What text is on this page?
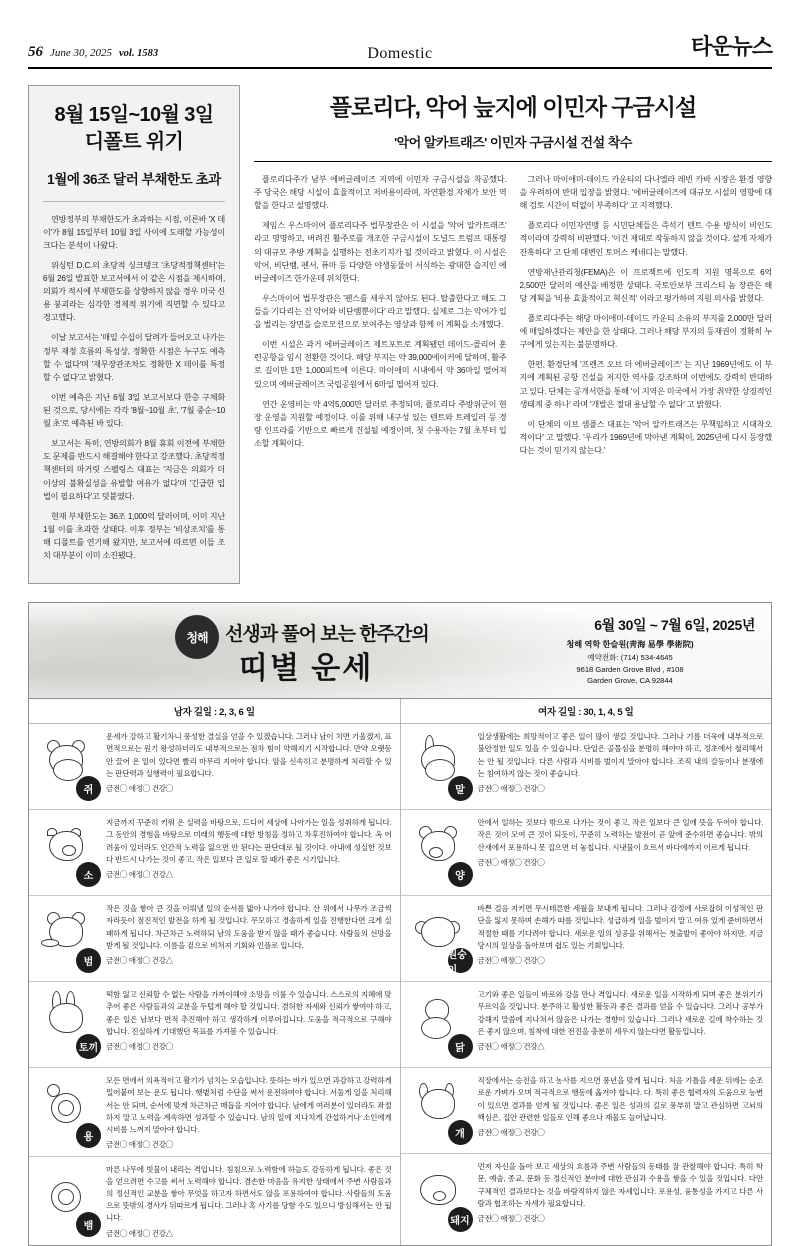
56 June 30, 2025 vol. 1583	Domestic	타운뉴스
8월 15일~10월 3일
디폴트 위기
1월에 36조 달러 부채한도 초과

연방정부의 부채한도가 초과하는 시점, 이른바 'X 데이'가 8월 15일부터 10월 3일 사이에 도래할 가능성이 크다는 분석이 나왔다.

위싱턴 D.C.의 초당적 싱크탱크 '초당적정책센터'는 6월 26일 발표한 보고서에서 이 같은 시점을 제시하며, 의회가 적시에 부채한도를 상향하지 않을 경우 미국 신용 붕괴라는 심각한 경제적 위기에 직면할 수 있다고 경고했다.

이날 보고서는 '매일 수십이 달려가 들어오고 나가는 정부 재정 흐름의 특성상, 정확한 시점은 누구도 예측할 수 없다'며 '재무장관조차도 정확한 X 데이를 특정할 수 없다'고 밝혔다.

이번 예측은 지난 6월 3일 보고서보다 한층 구체화된 것으로, 당시에는 각각 '8월~10월 초', '7월 중순~10월 초'로 예측된 바 있다.

보고서는 특히, 연방의회가 8월 휴회 이전에 부채한도 문제를 반드시 해결해야 한다고 강조했다. 초당적정책센터의 마거릿 스펠링스 대표는 '지금은 의회가 더 이상의 불확실성을 유발할 여유가 없다'며 '긴급한 입법이 필요하다'고 덧붙였다.

현재 부채한도는 36조 1,000억 달러이며, 이미 지난 1월 이를 초과한 상태다. 이후 정부는 '비상조치'를 통해 디폴트를 연기해 왔지만, 보고서에 따르면 이들 조치 대부분이 이미 소진됐다.

플로리다, 악어 늪지에 이민자 구금시설
'악어 알카트래즈' 이민자 구금시설 건설 착수

플로리다주가 남부 에버글레이즈 지역에 이민자 구금시설을 착공했다. 주 당국은 해당 시설이 효율적이고 저비용이라며, 자연환경 자체가 보안 역할을 한다고 설명했다.

제임스 우스마이어 플로리다주 법무장관은 이 시설을 '악어 알카트래즈' 라고 명명하고, 버려진 활주로를 개조한 구금시설이 도널드 트럼프 대통령의 대규모 추방 계획을 실행하는 전초기지가 될 것이라고 밝혔다. 이 시설은 악어, 비단뱀, 펜서, 퓨마 등 다양한 야생동물이 서식하는 광대한 습지인 에버글레이즈 한가운데 위치한다.

우스마이어 법무장관은 '펜스를 세우지 않아도 된다. 탈출한다고 해도 그들을 기다리는 건 악어와 비단뱀뿐이다' 라고 말했다. 실제로 그는 악어가 입을 벌리는 장면을 슬로모션으로 보여주는 영상과 함께 이 계획을 소개했다.

이번 시설은 과거 에버글레이즈 제트포트로 계획됐던 데이드-콜리어 훈련공항을 임시 전환한 것이다. 해당 부지는 약 39,000에이커에 달하며, 활주로 길이만 1만 1,000피트에 이른다. 마이애미 시내에서 약 36마일 떨어져 있으며 에버글레이즈 국립공원에서 6마일 떨어져 있다.

연간 운영비는 약 4억5,000만 달러로 추정되며, 플로리다 주방위군이 현장 운영을 지원할 예정이다. 이를 위해 내구성 있는 텐트와 트레일러 등 경량 인프라를 기반으로 빠르게 건설될 예정이며, 첫 수용자는 7월 초부터 입소할 계획이다.

그러나 마이애미-데이드 카운티의 다니엘라 레빈 카바 시장은 환경 영향을 우려하며 반대 입장을 밝혔다. '에버글레이즈에 대규모 시설의 영향에 대해 검토 시간이 턱없이 부족하다' 고 지적했다.

플로리다 이민자연맹 등 시민단체들은 즉석기 텐트 수용 방식이 비인도적이라며 강력히 비판했다. '이건 제대로 작동하지 않을 것이다. 설계 자체가 잔혹하다' 고 단체 대변인 토머스 케네디는 말했다.

연방재난관리청(FEMA)은 이 프로젝트에 인도적 지원 명목으로 6억2,500만 달러의 예산을 배정한 상태다. 국토안보부 크리스티 놈 장관은 해당 계획을 '비용 효율적이고 혁신적' 이라고 평가하며 지원 의사를 밝혔다.

플로리다주는 해당 마이애미-데이드 카운티 소유의 부지를 2,000만 달러에 매입하겠다는 제안을 한 상태다. 그러나 해당 부지의 등재권이 정확히 누구에게 있는지는 불분명하다.

한편, 환경단체 '프렌즈 오브 더 에버글레이즈' 는 지난 1969년에도 이 부지에 계획된 공항 건설을 저지한 역사를 강조하며 이번에도 강력히 반대하고 있다. 단체는 공개서한을 통해 '이 지역은 미국에서 가장 취약한 상징적인 생태계 중 하나' 라며 '개발은 절대 용납할 수 없다' 고 밝혔다.

이 단체의 이브 샘플스 대표는 '악어 알카트래즈는 무책임하고 시대착오적이다' 고 말했다. '우리가 1969년에 막아낸 계획이, 2025년에 다시 등장했다는 것이 믿기지 않는다.'

청해 선생과 풀어 보는 한주간의
띠별 운세
6월 30일 ~ 7월 6일, 2025년
청해 역학 한슬원(靑海 易學 學術院)
예약전화: (714) 534-4645
9618 Garden Grove Blvd , #108
Garden Grove, CA 92844
남자 길일 : 2, 3, 6 일	여자 길일 : 30, 1, 4, 5 일
쥐

운세가 강하고 활기차니 풍성한 결실을 얻을 수 있겠습니다. 그러나 남이 치면 기울겠지, 표면적으로는 원기 왕성하더라도 내부적으로는 점차 힘이 약해지기 시작합니다. 만약 오랫동안 끌어 온 일이 있다면 빨리 마무리 지어야 합니다. 앞을 신속히고 분명하게 처리할 수 있는 판단력과 실행력이 필요합니다.

금전◯ 애정◯ 건강◯
소

지금까지 꾸준히 키워 온 실력을 바탕으로, 드디어 세상에 나아가는 일을 성취하게 됩니다. 그 동안의 경험을 바탕으로 미래의 행동에 대한 방침을 정하고 차후진하여야 합니다. 옥 어려움이 있더라도 인간적 노력을 잃으면 안 된다는 판단대로 될 것이다. 아내에 성실한 것보다 반드시 나가는 것이 좋고, 작은 일보다 큰 일로 할 때가 좋은 시기입니다.

금전◯ 애정◯ 건강△
범

작은 것을 쌓아 큰 것을 이뤄낼 일의 순서를 밟아 나가야 합니다. 산 위에서 나무가 조금씩 자라듯이 점진적인 발전을 하게 될 것입니다. 무모하고 경솔하게 일을 진행한다면 크게 실패하게 됩니다. 차근차근 노력하되 남의 도움을 받지 않을 때가 좋습니다. 사람들의 선망을 받게 될 것입니다. 이름을 겉으로 비쳐져 기회와 인플로 입니다.

금전◯ 애정◯ 건강△
토끼

떡함 잃고 신뢰할 수 없는 사람을 가까이해야 소망을 이룰 수 있습니다. 스스로의 지혜에 맞추어 좋은 사람들과의 교분을 두텁게 해야 할 것입니다. 겸허한 자세와 신뢰가 쌓여야 하고, 좋은 일은 남보다 면적 추진해야 하고 생각하게 이루어집니다. 도움을 적극적으로 구해야 합니다. 진실하게 기대했던 목표를 가져봄 수 있습니다.

금전◯ 애정◯ 건강◯
용

모든 면에서 의욕적이고 활기가 넘치는 모습입니다. 뜻하는 바가 있으면 과감하고 강력하게 밀어붙여 보는 운도 됩니다. 햇볕처럼 수단을 써서 운전하여야 합니다. 서둘게 일을 처리해서는 안 되며, 순서에 맞게 차근차근 매듭을 지어야 합니다. 남에게 여러분이 있더라도 좌절하지 말고 노력을 계속하면 성과할 수 있습니다. 남의 일에 지나치게 간섭하거나 소인에게 시비를 느껴지 말아야 합니다.

금전◯ 애정◯ 건강◯
뱀

마른 나무에 빗물이 내리는 격입니다. 침침으로 노력함에 하늘도 감동하게 됩니다. 좋은 것을 얻으려면 수고를 써서 노력해야 합니다. 겸손한 마음을 유지한 상태에서 주변 사람들과의 정신적인 교분을 쌓아 무엇을 하고자 하면서도 않을 포용하여야 합니다. 사람들의 도움으로 뜻밖의 경사가 뒤따르게 됩니다. 그러나 혹 사기를 당함 수도 있으니 방심해서는 안 됩니다.

금전◯ 애정◯ 건강△
말

일상생활에는 희망적이고 좋은 일이 많이 생길 것입니다. 그러나 기름 더욱에 내부적으로 불안정한 일도 있을 수 있습니다. 단일은 골몰심을 분명히 해야야 하고, 정초에서 철리해서는 안 될 것입니다. 다른 사람과 시비를 벌이지 말아야 합니다. 조직 내의 갈등이나 분쟁에는 침여하지 않는 것이 좋습니다.

금전◯ 애정◯ 건강◯
양

안에서 일하는 것보다 밖으로 나가는 것이 좋고, 작은 일보다 큰 일에 뜻을 두어야 합니다. 작은 것이 모여 큰 것이 되듯이, 꾸준히 노력하는 발전이 곧 앞에 준수하면 좋습니다. 밖의 산새에서 포용하니 못 집으면 더 놓칩니다. 시냇물이 흐르서 바다에까지 이르게 됩니다.

금전◯ 애정◯ 건강◯
원숭이

바쁜 걸음 지키면 무시테른한 세월을 보내게 됩니다. 그러나 감정에 사로잡혀 이성적인 판단을 잃지 못하며 손해가 따를 것입니다. 성급하게 일을 벌이지 말고 여유 있게 준비하면서 적절한 때를 기다려야 합니다. 새로운 일의 성공을 위해서는 첫출발이 좋아야 하지만, 지금 당시의 일상을 돌아보며 쉽도 있는 기회입니다.

금전◯ 애정◯ 건강◯
닭

고기와 좋은 일들이 바로와 강을 만나 격입니다. 새로운 일을 시작하게 되며 좋은 분위기가 무르익을 것입니다. 분주하고 활성한 활동과 좋은 결과를 얻을 수 있습니다. 그러나 공부가 강해지 말씀에 지나쳐서 않음은 나가는 경향이 있습니다. 그러나 새로운 길에 착수하는 것은 좋지 않으며, 침착에 대한 전진을 충분히 세우지 않는다면 활동입니다.

금전◯ 애정◯ 건강△
개

직장에서는 승진을 하고 농사를 지으면 풍년을 맞게 됩니다. 처음 기틀을 세운 뒤에는 순조로운 가벼가 오며 적극적으로 행동에 옮겨야 합니다. 다. 특히 좋은 협력자의 도움으로 능변이 있으면 결과를 얻게 될 것입니다. 좋은 일은 성과의 길로 풍부히 말고 관심하면 고뇌의 핵심은, 집안 관련한 일들로 인해 좋으나 재물도 늘어납니다.

금전◯ 애정◯ 건강◯
돼지

먼저 자신을 돌아 보고 세상의 흐름과 주변 사람들의 동태를 잘 관찰해야 합니다. 특히 학문, 예술, 종교, 문화 등 정신적인 분야에 대한 관심과 수용을 쌓을 수 있을 것입니다. 다만 구체적인 결과보다는 것을 바람직하지 않은 자세입니다. 포용성, 융통성을 가지고 다른 사람과 협조하는 자세가 필요합니다.

금전◯ 애정◯ 건강◯
